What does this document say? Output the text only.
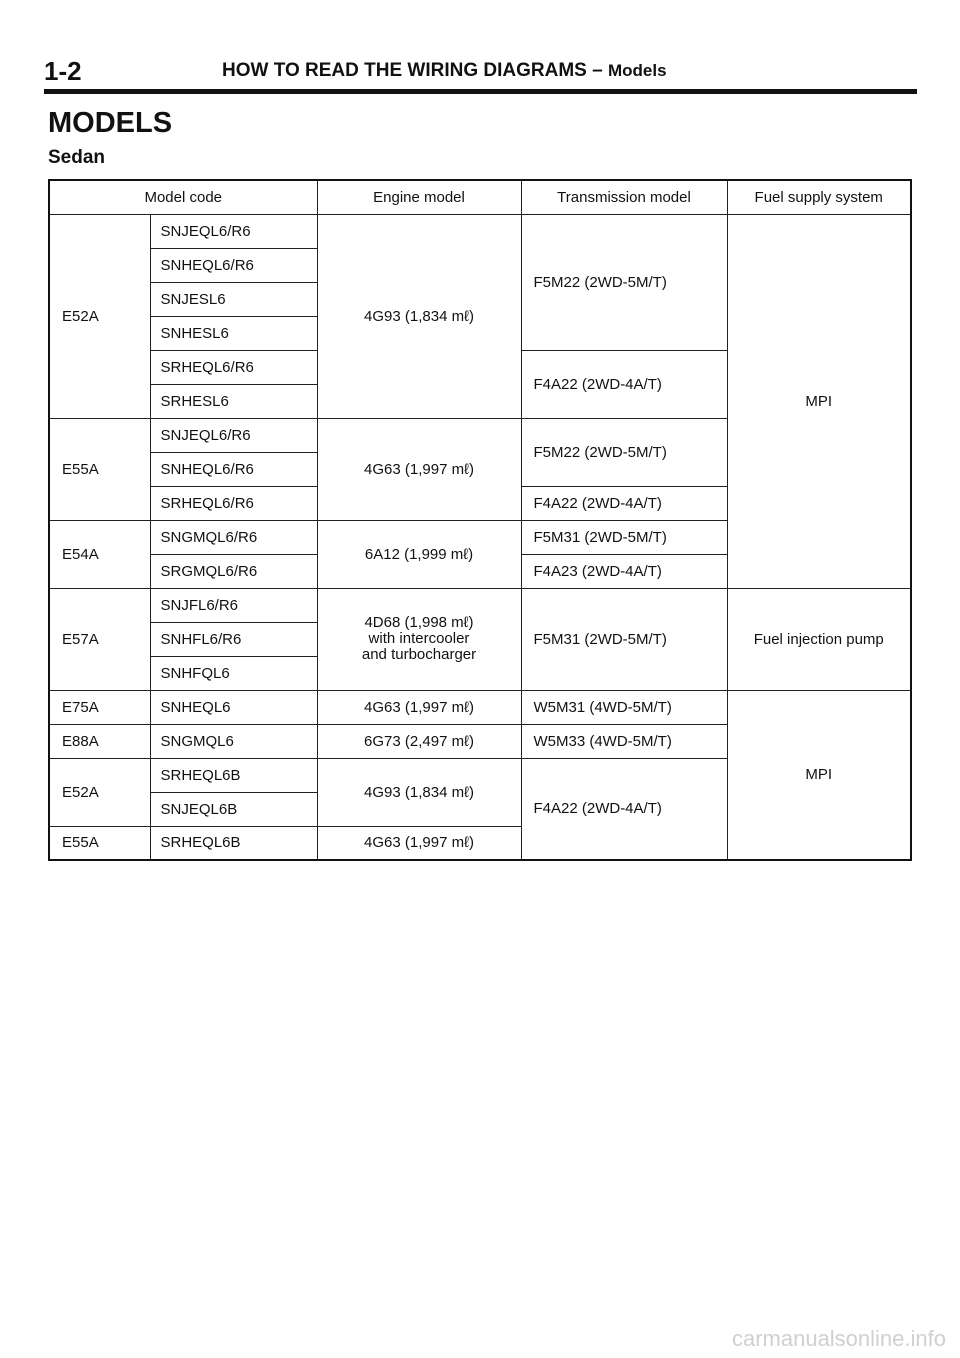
1-2	HOW TO READ THE WIRING DIAGRAMS – Models
MODELS
Sedan
Model code		Engine model	Transmission model	Fuel supply system
E52A	SNJEQL6/R6	4G93 (1,834 mℓ)	F5M22 (2WD-5M/T)	MPI
	SNHEQL6/R6			
	SNJESL6			
	SNHESL6			
	SRHEQL6/R6		F4A22 (2WD-4A/T)	
	SRHESL6			
E55A	SNJEQL6/R6	4G63 (1,997 mℓ)	F5M22 (2WD-5M/T)	
	SNHEQL6/R6			
	SRHEQL6/R6		F4A22 (2WD-4A/T)	
E54A	SNGMQL6/R6	6A12 (1,999 mℓ)	F5M31 (2WD-5M/T)	
	SRGMQL6/R6		F4A23 (2WD-4A/T)	
E57A	SNJFL6/R6	4D68 (1,998 mℓ)
with intercooler
and turbocharger	F5M31 (2WD-5M/T)	Fuel injection pump
	SNHFL6/R6			
	SNHFQL6			
E75A	SNHEQL6	4G63 (1,997 mℓ)	W5M31 (4WD-5M/T)	MPI
E88A	SNGMQL6	6G73 (2,497 mℓ)	W5M33 (4WD-5M/T)	
E52A	SRHEQL6B	4G93 (1,834 mℓ)	F4A22 (2WD-4A/T)	
	SNJEQL6B			
E55A	SRHEQL6B	4G63 (1,997 mℓ)		
carmanualsonline.info
